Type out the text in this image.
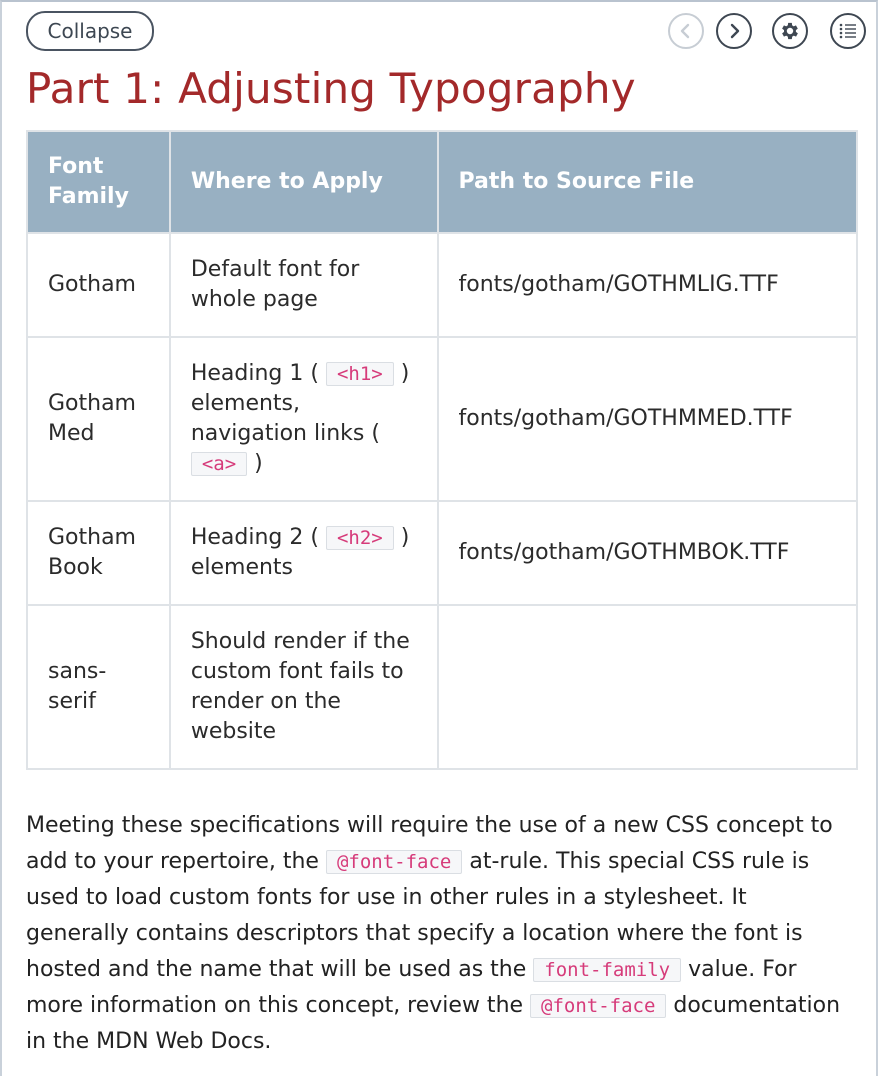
Collapse
Part 1: Adjusting Typography
Font Family	Where to Apply	Path to Source File
Gotham	Default font for whole page	fonts/gotham/GOTHMLIG.TTF
Gotham Med	Heading 1 ( <h1> ) elements, navigation links ( <a> )	fonts/gotham/GOTHMMED.TTF
Gotham Book	Heading 2 ( <h2> ) elements	fonts/gotham/GOTHMBOK.TTF
sans-serif	Should render if the custom font fails to render on the website	

Meeting these specifications will require the use of a new CSS concept to add to your repertoire, the @font-face at-rule. This special CSS rule is used to load custom fonts for use in other rules in a stylesheet. It generally contains descriptors that specify a location where the font is hosted and the name that will be used as the font-family value. For more information on this concept, review the @font-face documentation in the MDN Web Docs.
